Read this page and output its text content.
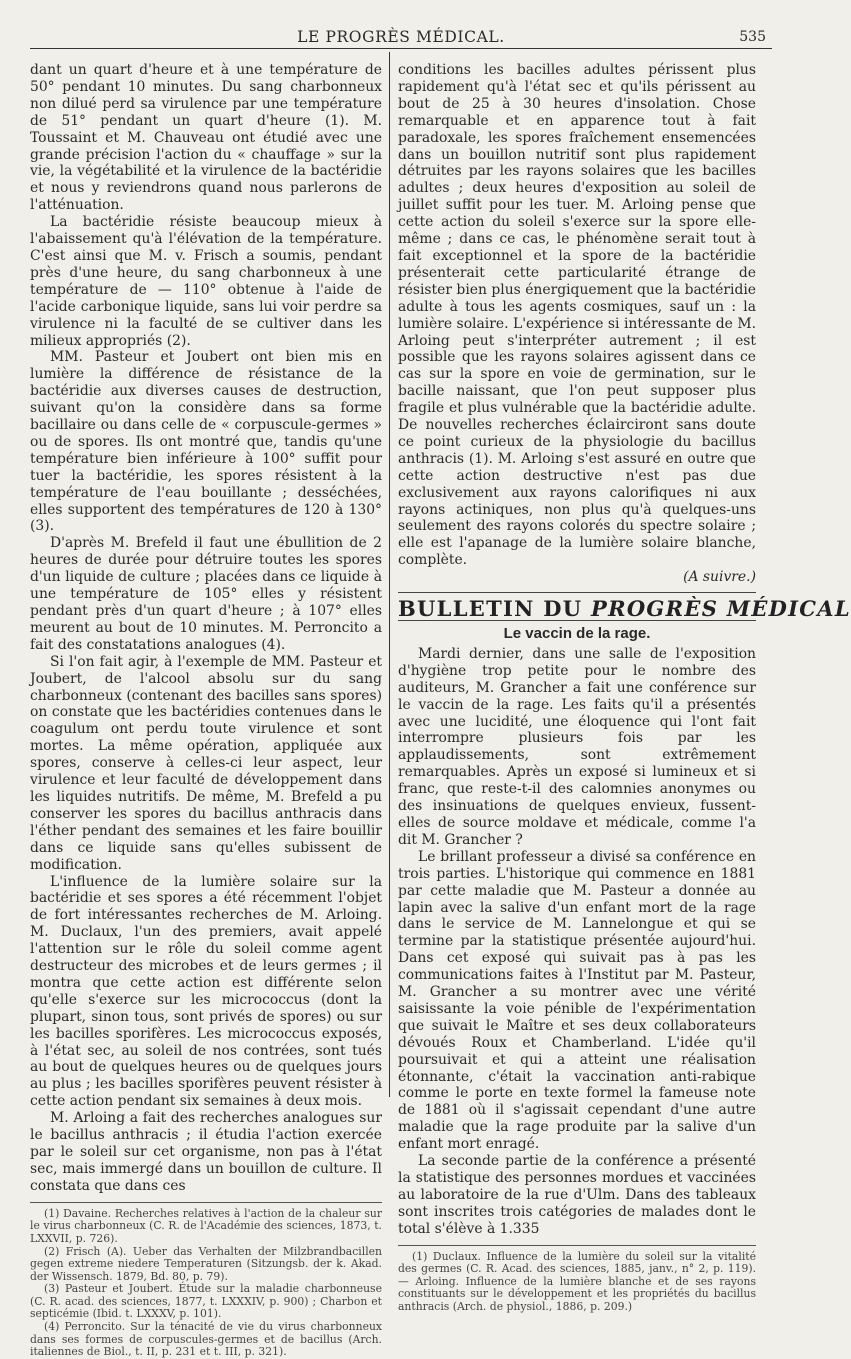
LE PROGRÈS MÉDICAL.	535

dant un quart d'heure et à une température de 50° pendant 10 minutes. Du sang charbonneux non dilué perd sa virulence par une température de 51° pendant un quart d'heure (1). M. Toussaint et M. Chauveau ont étudié avec une grande précision l'action du « chauffage » sur la vie, la végétabilité et la virulence de la bactéridie et nous y reviendrons quand nous parlerons de l'atténuation.

La bactéridie résiste beaucoup mieux à l'abaissement qu'à l'élévation de la température. C'est ainsi que M. v. Frisch a soumis, pendant près d'une heure, du sang charbonneux à une température de — 110° obtenue à l'aide de l'acide carbonique liquide, sans lui voir perdre sa virulence ni la faculté de se cultiver dans les milieux appropriés (2).

MM. Pasteur et Joubert ont bien mis en lumière la différence de résistance de la bactéridie aux diverses causes de destruction, suivant qu'on la considère dans sa forme bacillaire ou dans celle de « corpuscule-germes » ou de spores. Ils ont montré que, tandis qu'une température bien inférieure à 100° suffit pour tuer la bactéridie, les spores résistent à la température de l'eau bouillante ; desséchées, elles supportent des températures de 120 à 130° (3).

D'après M. Brefeld il faut une ébullition de 2 heures de durée pour détruire toutes les spores d'un liquide de culture ; placées dans ce liquide à une température de 105° elles y résistent pendant près d'un quart d'heure ; à 107° elles meurent au bout de 10 minutes. M. Perroncito a fait des constatations analogues (4).

Si l'on fait agir, à l'exemple de MM. Pasteur et Joubert, de l'alcool absolu sur du sang charbonneux (contenant des bacilles sans spores) on constate que les bactéridies contenues dans le coagulum ont perdu toute virulence et sont mortes. La même opération, appliquée aux spores, conserve à celles-ci leur aspect, leur virulence et leur faculté de développement dans les liquides nutritifs. De même, M. Brefeld a pu conserver les spores du bacillus anthracis dans l'éther pendant des semaines et les faire bouillir dans ce liquide sans qu'elles subissent de modification.

L'influence de la lumière solaire sur la bactéridie et ses spores a été récemment l'objet de fort intéressantes recherches de M. Arloing. M. Duclaux, l'un des premiers, avait appelé l'attention sur le rôle du soleil comme agent destructeur des microbes et de leurs germes ; il montra que cette action est différente selon qu'elle s'exerce sur les micrococcus (dont la plupart, sinon tous, sont privés de spores) ou sur les bacilles sporifères. Les micrococcus exposés, à l'état sec, au soleil de nos contrées, sont tués au bout de quelques heures ou de quelques jours au plus ; les bacilles sporifères peuvent résister à cette action pendant six semaines à deux mois.

M. Arloing a fait des recherches analogues sur le bacillus anthracis ; il étudia l'action exercée par le soleil sur cet organisme, non pas à l'état sec, mais immergé dans un bouillon de culture. Il constata que dans ces

(1) Davaine. Recherches relatives à l'action de la chaleur sur le virus charbonneux (C. R. de l'Académie des sciences, 1873, t. LXXVII, p. 726).

(2) Frisch (A). Ueber das Verhalten der Milzbrandbacillen gegen extreme niedere Temperaturen (Sitzungsb. der k. Akad. der Wissensch. 1879, Bd. 80, p. 79).

(3) Pasteur et Joubert. Étude sur la maladie charbonneuse (C. R. acad. des sciences, 1877, t. LXXXIV, p. 900) ; Charbon et septicémie (Ibid. t. LXXXV, p. 101).

(4) Perroncito. Sur la ténacité de vie du virus charbonneux dans ses formes de corpuscules-germes et de bacillus (Arch. italiennes de Biol., t. II, p. 231 et t. III, p. 321).

conditions les bacilles adultes périssent plus rapidement qu'à l'état sec et qu'ils périssent au bout de 25 à 30 heures d'insolation. Chose remarquable et en apparence tout à fait paradoxale, les spores fraîchement ensemencées dans un bouillon nutritif sont plus rapidement détruites par les rayons solaires que les bacilles adultes ; deux heures d'exposition au soleil de juillet suffit pour les tuer. M. Arloing pense que cette action du soleil s'exerce sur la spore elle-même ; dans ce cas, le phénomène serait tout à fait exceptionnel et la spore de la bactéridie présenterait cette particularité étrange de résister bien plus énergiquement que la bactéridie adulte à tous les agents cosmiques, sauf un : la lumière solaire. L'expérience si intéressante de M. Arloing peut s'interpréter autrement ; il est possible que les rayons solaires agissent dans ce cas sur la spore en voie de germination, sur le bacille naissant, que l'on peut supposer plus fragile et plus vulnérable que la bactéridie adulte. De nouvelles recherches éclairciront sans doute ce point curieux de la physiologie du bacillus anthracis (1). M. Arloing s'est assuré en outre que cette action destructive n'est pas due exclusivement aux rayons calorifiques ni aux rayons actiniques, non plus qu'à quelques-uns seulement des rayons colorés du spectre solaire ; elle est l'apanage de la lumière solaire blanche, complète.

(A suivre.)

BULLETIN DU PROGRÈS MÉDICAL
Le vaccin de la rage.

Mardi dernier, dans une salle de l'exposition d'hygiène trop petite pour le nombre des auditeurs, M. Grancher a fait une conférence sur le vaccin de la rage. Les faits qu'il a présentés avec une lucidité, une éloquence qui l'ont fait interrompre plusieurs fois par les applaudissements, sont extrêmement remarquables. Après un exposé si lumineux et si franc, que reste-t-il des calomnies anonymes ou des insinuations de quelques envieux, fussent-elles de source moldave et médicale, comme l'a dit M. Grancher ?

Le brillant professeur a divisé sa conférence en trois parties. L'historique qui commence en 1881 par cette maladie que M. Pasteur a donnée au lapin avec la salive d'un enfant mort de la rage dans le service de M. Lannelongue et qui se termine par la statistique présentée aujourd'hui. Dans cet exposé qui suivait pas à pas les communications faites à l'Institut par M. Pasteur, M. Grancher a su montrer avec une vérité saisissante la voie pénible de l'expérimentation que suivait le Maître et ses deux collaborateurs dévoués Roux et Chamberland. L'idée qu'il poursuivait et qui a atteint une réalisation étonnante, c'était la vaccination anti-rabique comme le porte en texte formel la fameuse note de 1881 où il s'agissait cependant d'une autre maladie que la rage produite par la salive d'un enfant mort enragé.

La seconde partie de la conférence a présenté la statistique des personnes mordues et vaccinées au laboratoire de la rue d'Ulm. Dans des tableaux sont inscrites trois catégories de malades dont le total s'élève à 1.335

(1) Duclaux. Influence de la lumière du soleil sur la vitalité des germes (C. R. Acad. des sciences, 1885, janv., n° 2, p. 119). — Arloing. Influence de la lumière blanche et de ses rayons constituants sur le développement et les propriétés du bacillus anthracis (Arch. de physiol., 1886, p. 209.)
